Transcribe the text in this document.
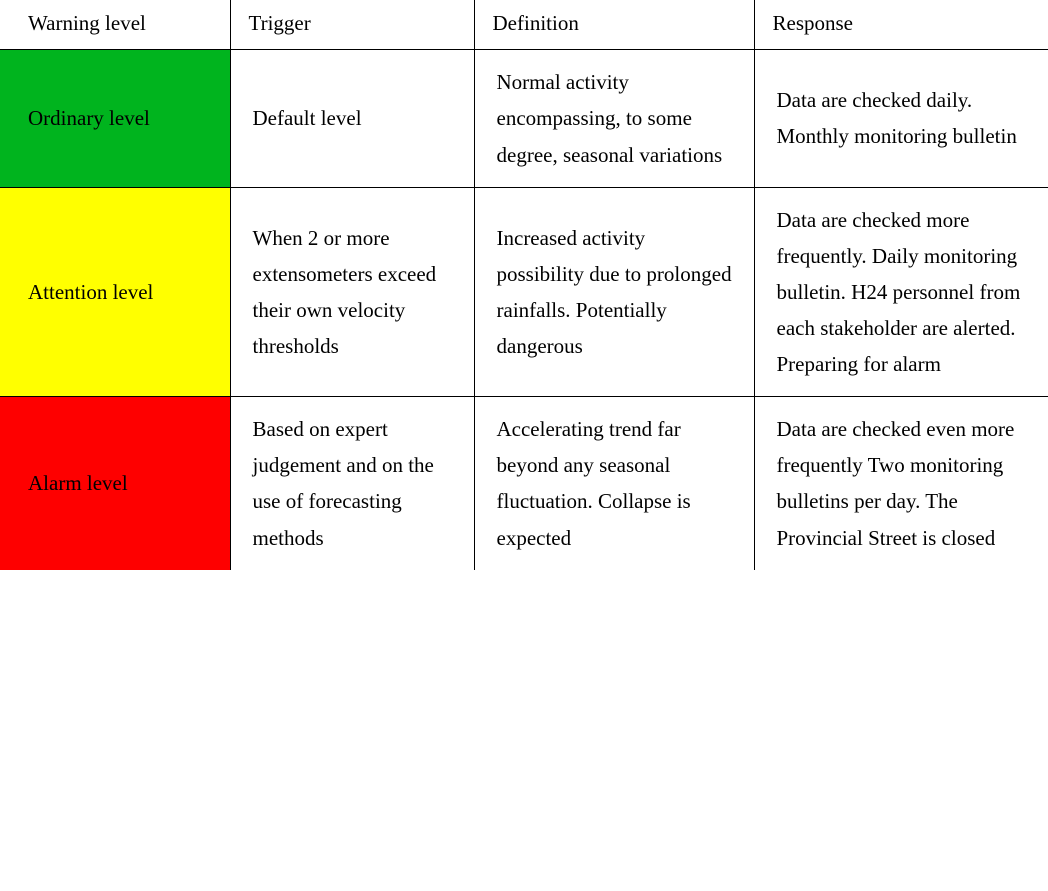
Warning level	Trigger	Definition	Response
Ordinary level	Default level	Normal activity encompassing, to some degree, seasonal variations	Data are checked daily. Monthly monitoring bulletin
Attention level	When 2 or more extensometers exceed their own velocity thresholds	Increased activity possibility due to prolonged rainfalls. Potentially dangerous	Data are checked more frequently. Daily monitoring bulletin. H24 personnel from each stakeholder are alerted. Preparing for alarm
Alarm level	Based on expert judgement and on the use of forecasting methods	Accelerating trend far beyond any seasonal fluctuation. Collapse is expected	Data are checked even more frequently Two monitoring bulletins per day. The Provincial Street is closed
